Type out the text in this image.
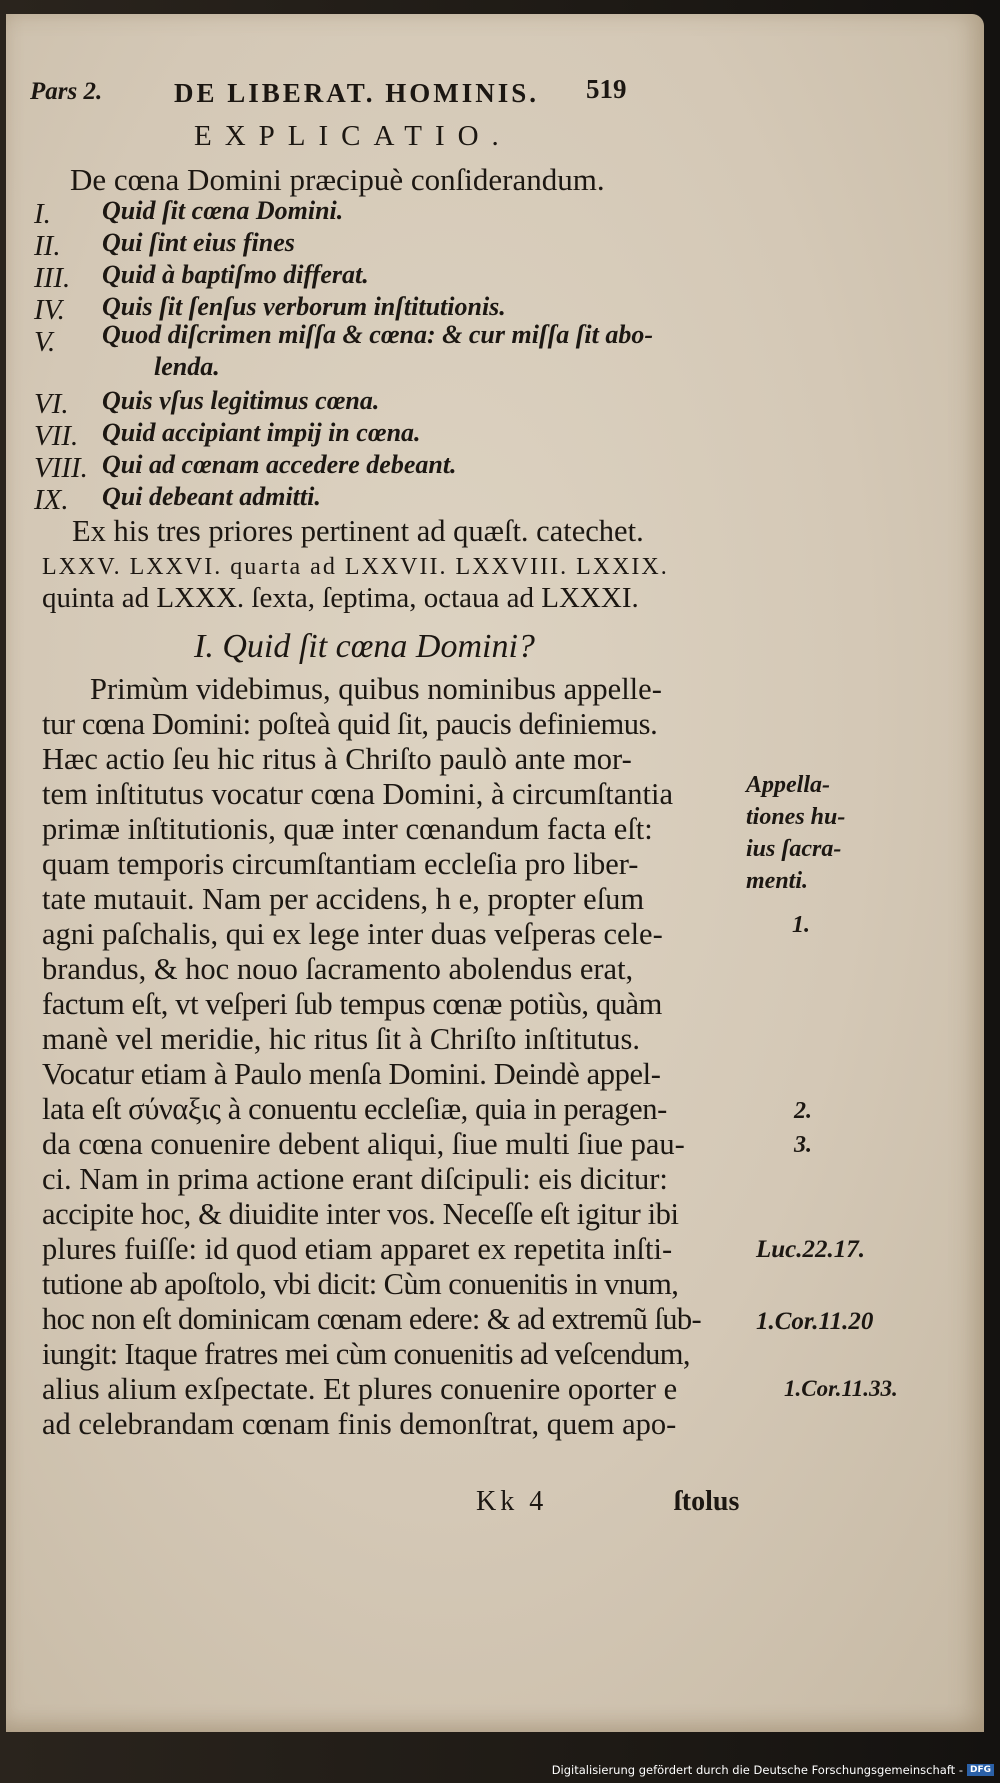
Pars 2.	DE LIBERAT. HOMINIS. 519
EXPLICATIO.
De cœna Domini præcipuè conſiderandum.
I. Quid ſit cœna Domini.
II. Qui ſint eius fines
III. Quid à baptiſmo differat.
IV. Quis ſit ſenſus verborum inſtitutionis.
V. Quod diſcrimen miſſa & cœna: & cur miſſa ſit abo-
lenda.
VI. Quis vſus legitimus cœna.
VII. Quid accipiant impij in cœna.
VIII. Qui ad cœnam accedere debeant.
IX. Qui debeant admitti.
Ex his tres priores pertinent ad quæſt. catechet.
LXXV. LXXVI. quarta ad LXXVII. LXXVIII. LXXIX.
quinta ad LXXX. ſexta, ſeptima, octaua ad LXXXI.
I. Quid ſit cœna Domini?
Primùm videbimus, quibus nominibus appelle-
tur cœna Domini: poſteà quid ſit, paucis definiemus.
Hæc actio ſeu hic ritus à Chriſto paulò ante mor-
tem inſtitutus vocatur cœna Domini, à circumſtantia
primæ inſtitutionis, quæ inter cœnandum facta eſt:
quam temporis circumſtantiam eccleſia pro liber-
tate mutauit. Nam per accidens, h e, propter eſum
agni paſchalis, qui ex lege inter duas veſperas cele-
brandus, & hoc nouo ſacramento abolendus erat,
factum eſt, vt veſperi ſub tempus cœnæ potiùs, quàm
manè vel meridie, hic ritus ſit à Chriſto inſtitutus.
Vocatur etiam à Paulo menſa Domini. Deindè appel-
lata eſt σύναξις à conuentu eccleſiæ, quia in peragen-
da cœna conuenire debent aliqui, ſiue multi ſiue pau-
ci. Nam in prima actione erant diſcipuli: eis dicitur:
accipite hoc, & diuidite inter vos. Neceſſe eſt igitur ibi
plures fuiſſe: id quod etiam apparet ex repetita inſti-
tutione ab apoſtolo, vbi dicit: Cùm conuenitis in vnum,
hoc non eſt dominicam cœnam edere: & ad extremũ ſub-
iungit: Itaque fratres mei cùm conuenitis ad veſcendum,
alius alium exſpectate. Et plures conuenire oporter e
ad celebrandam cœnam finis demonſtrat, quem apo-
Appella-
tiones hu-
ius ſacra-
menti.
1.
2.
3.
Luc.22.17.
1.Cor.11.20
1.Cor.11.33.
Kk 4	ſtolus
Digitalisierung gefördert durch die Deutsche Forschungsgemeinschaft - DFG
